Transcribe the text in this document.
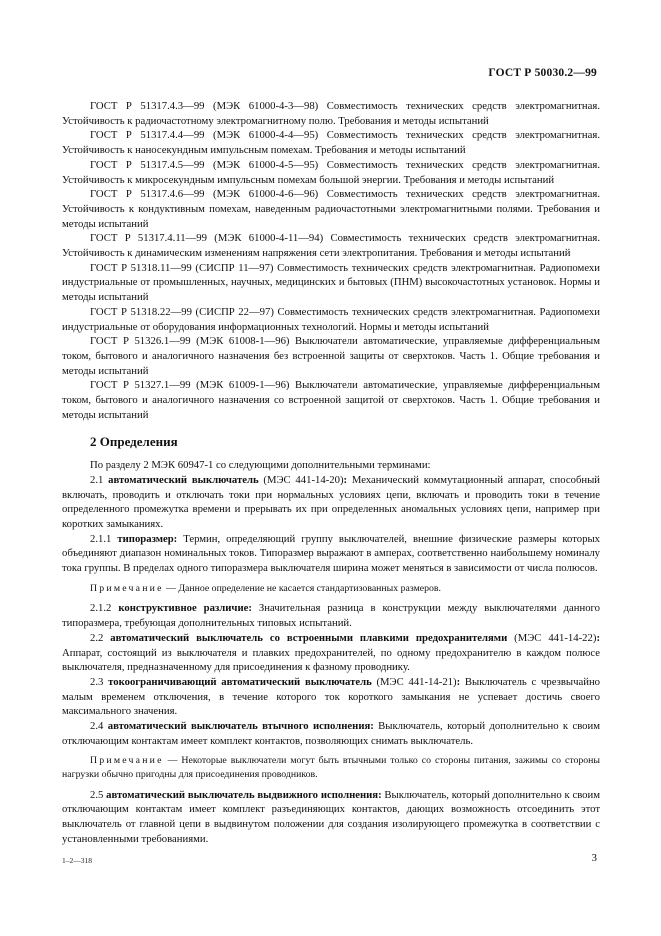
ГОСТ Р 50030.2—99

ГОСТ Р 51317.4.3—99 (МЭК 61000-4-3—98) Совместимость технических средств электромагнитная. Устойчивость к радиочастотному электромагнитному полю. Требования и методы испытаний

ГОСТ Р 51317.4.4—99 (МЭК 61000-4-4—95) Совместимость технических средств электромагнитная. Устойчивость к наносекундным импульсным помехам. Требования и методы испытаний

ГОСТ Р 51317.4.5—99 (МЭК 61000-4-5—95) Совместимость технических средств электромагнитная. Устойчивость к микросекундным импульсным помехам большой энергии. Требования и методы испытаний

ГОСТ Р 51317.4.6—99 (МЭК 61000-4-6—96) Совместимость технических средств электромагнитная. Устойчивость к кондуктивным помехам, наведенным радиочастотными электромагнитными полями. Требования и методы испытаний

ГОСТ Р 51317.4.11—99 (МЭК 61000-4-11—94) Совместимость технических средств электромагнитная. Устойчивость к динамическим изменениям напряжения сети электропитания. Требования и методы испытаний

ГОСТ Р 51318.11—99 (СИСПР 11—97) Совместимость технических средств электромагнитная. Радиопомехи индустриальные от промышленных, научных, медицинских и бытовых (ПНМ) высокочастотных установок. Нормы и методы испытаний

ГОСТ Р 51318.22—99 (СИСПР 22—97) Совместимость технических средств электромагнитная. Радиопомехи индустриальные от оборудования информационных технологий. Нормы и методы испытаний

ГОСТ Р 51326.1—99 (МЭК 61008-1—96) Выключатели автоматические, управляемые дифференциальным током, бытового и аналогичного назначения без встроенной защиты от сверхтоков. Часть 1. Общие требования и методы испытаний

ГОСТ Р 51327.1—99 (МЭК 61009-1—96) Выключатели автоматические, управляемые дифференциальным током, бытового и аналогичного назначения со встроенной защитой от сверхтоков. Часть 1. Общие требования и методы испытаний

2 Определения

По разделу 2 МЭК 60947-1 со следующими дополнительными терминами:

2.1 автоматический выключатель (МЭС 441-14-20): Механический коммутационный аппарат, способный включать, проводить и отключать токи при нормальных условиях цепи, включать и проводить токи в течение определенного промежутка времени и прерывать их при определенных аномальных условиях цепи, например при коротких замыканиях.

2.1.1 типоразмер: Термин, определяющий группу выключателей, внешние физические размеры которых объединяют диапазон номинальных токов. Типоразмер выражают в амперах, соответственно наибольшему номиналу тока группы. В пределах одного типоразмера выключателя ширина может меняться в зависимости от числа полюсов.

Примечание — Данное определение не касается стандартизованных размеров.

2.1.2 конструктивное различие: Значительная разница в конструкции между выключателями данного типоразмера, требующая дополнительных типовых испытаний.

2.2 автоматический выключатель со встроенными плавкими предохранителями (МЭС 441-14-22): Аппарат, состоящий из выключателя и плавких предохранителей, по одному предохранителю в каждом полюсе выключателя, предназначенному для присоединения к фазному проводнику.

2.3 токоограничивающий автоматический выключатель (МЭС 441-14-21): Выключатель с чрезвычайно малым временем отключения, в течение которого ток короткого замыкания не успевает достичь своего максимального значения.

2.4 автоматический выключатель втычного исполнения: Выключатель, который дополнительно к своим отключающим контактам имеет комплект контактов, позволяющих снимать выключатель.

Примечание — Некоторые выключатели могут быть втычными только со стороны питания, зажимы со стороны нагрузки обычно пригодны для присоединения проводников.

2.5 автоматический выключатель выдвижного исполнения: Выключатель, который дополнительно к своим отключающим контактам имеет комплект разъединяющих контактов, дающих возможность отсоединить этот выключатель от главной цепи в выдвинутом положении для создания изолирующего промежутка в соответствии с установленными требованиями.

1–2—318	3
